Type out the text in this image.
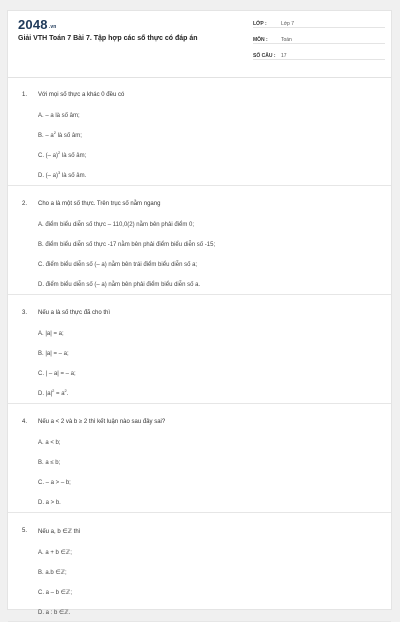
2048.vn
Giải VTH Toán 7 Bài 7. Tập hợp các số thực có đáp án
LỚP :	Lớp 7
MÔN :	Toán
SỐ CÂU :	17
1. Với mọi số thực a khác 0 đều có
A. – a là số âm;
B. – $a^2$ là số âm;
C. (– a)$^2$ là số âm;
D. (– a)$^3$ là số âm.
2. Cho a là một số thực. Trên trục số nằm ngang
A. điểm biểu diễn số thực – 110,0(2) nằm bên phải điểm 0;
B. điểm biểu diễn số thực -17 nằm bên phải điểm biểu diễn số -15;
C. điểm biểu diễn số (– a) nằm bên trái điểm biểu diễn số a;
D. điểm biểu diễn số (– a) nằm bên phải điểm biểu diễn số a.
3. Nếu a là số thực đã cho thì
A. |a| = a;
B. |a| = – a;
C. | – a| = – a;
D. $|a|^2 = a^2$.
4. Nếu a < 2 và b ≥ 2 thì kết luận nào sau đây sai?
A. a < b;
B. a ≤ b;
C. – a > – b;
D. a > b.
5. Nếu a, b ∈ℤ thì
A. a + b ∈ℤ;
B. a.b ∈ℤ;
C. a – b ∈ℤ;
D. a : b ∈ℤ.
